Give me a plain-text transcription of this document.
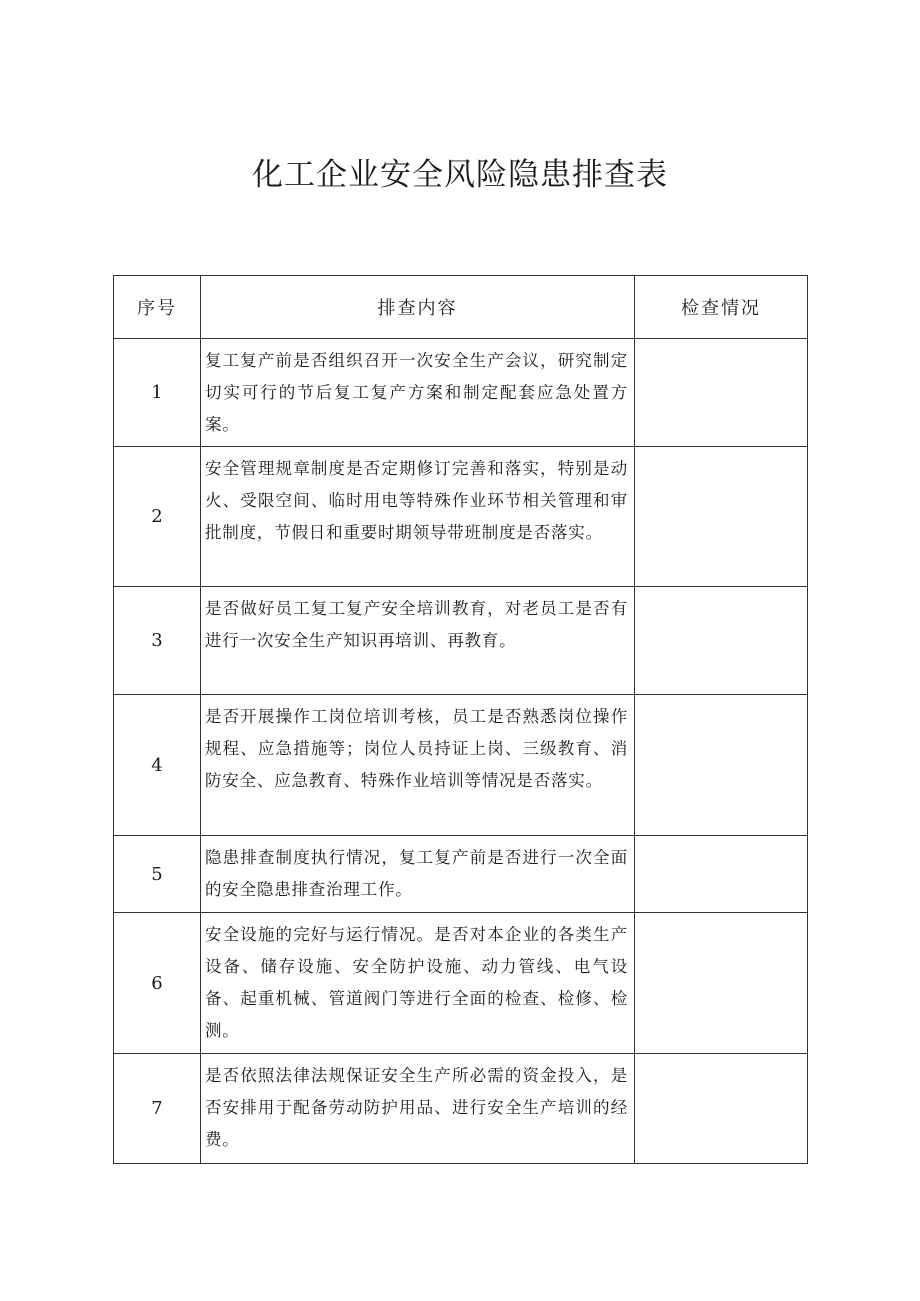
化工企业安全风险隐患排查表
序号	排查内容	检查情况
1	复工复产前是否组织召开一次安全生产会议，研究制定切实可行的节后复工复产方案和制定配套应急处置方案。	
2	安全管理规章制度是否定期修订完善和落实，特别是动火、受限空间、临时用电等特殊作业环节相关管理和审批制度，节假日和重要时期领导带班制度是否落实。	
3	是否做好员工复工复产安全培训教育，对老员工是否有进行一次安全生产知识再培训、再教育。	
4	是否开展操作工岗位培训考核，员工是否熟悉岗位操作规程、应急措施等；岗位人员持证上岗、三级教育、消防安全、应急教育、特殊作业培训等情况是否落实。	
5	隐患排查制度执行情况，复工复产前是否进行一次全面的安全隐患排查治理工作。	
6	安全设施的完好与运行情况。是否对本企业的各类生产设备、储存设施、安全防护设施、动力管线、电气设备、起重机械、管道阀门等进行全面的检查、检修、检测。	
7	是否依照法律法规保证安全生产所必需的资金投入，是否安排用于配备劳动防护用品、进行安全生产培训的经费。	
